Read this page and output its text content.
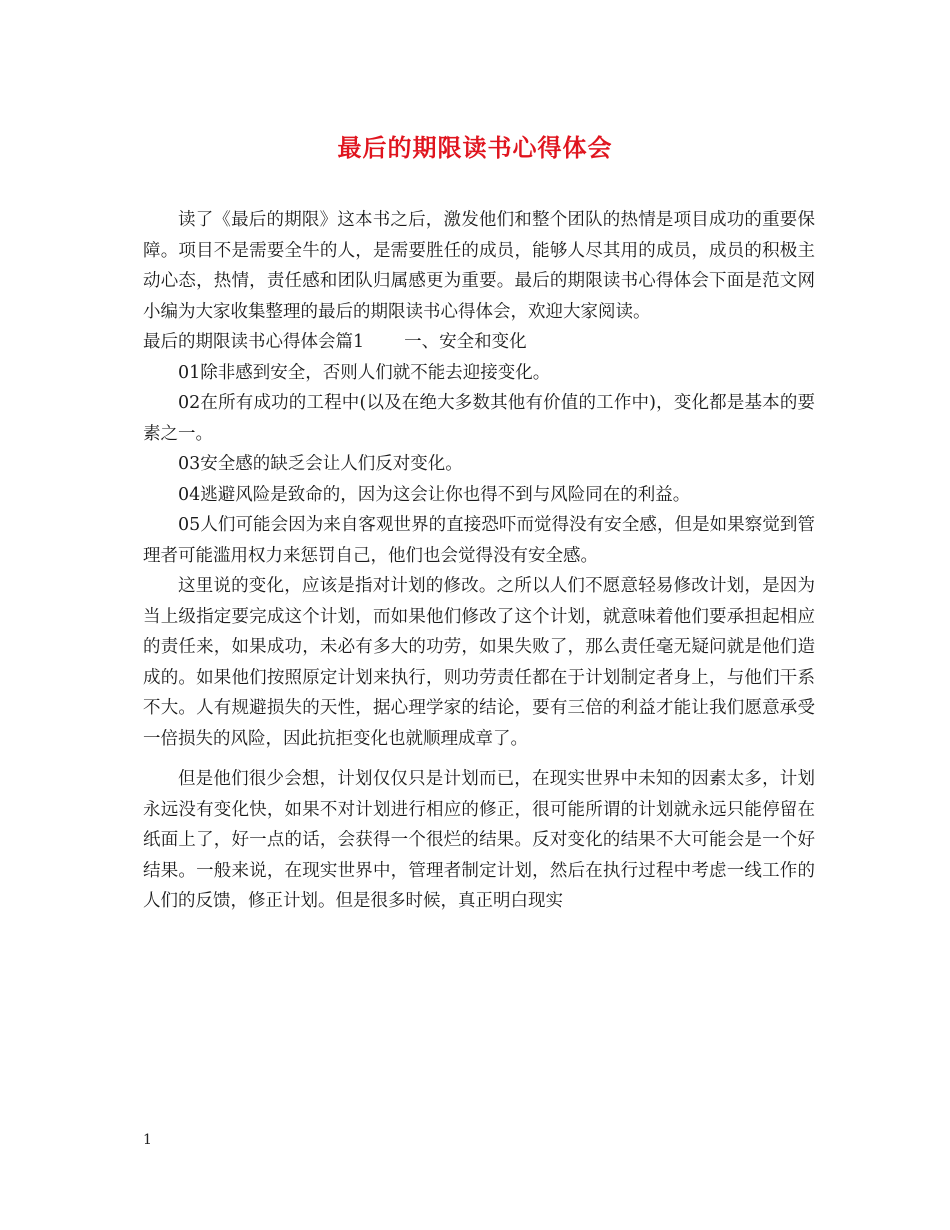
最后的期限读书心得体会

读了《最后的期限》这本书之后，激发他们和整个团队的热情是项目成功的重要保障。项目不是需要全牛的人，是需要胜任的成员，能够人尽其用的成员，成员的积极主动心态，热情，责任感和团队归属感更为重要。最后的期限读书心得体会下面是范文网小编为大家收集整理的最后的期限读书心得体会，欢迎大家阅读。

最后的期限读书心得体会篇1 一、安全和变化

01除非感到安全，否则人们就不能去迎接变化。

02在所有成功的工程中(以及在绝大多数其他有价值的工作中)，变化都是基本的要素之一。

03安全感的缺乏会让人们反对变化。

04逃避风险是致命的，因为这会让你也得不到与风险同在的利益。

05人们可能会因为来自客观世界的直接恐吓而觉得没有安全感，但是如果察觉到管理者可能滥用权力来惩罚自己，他们也会觉得没有安全感。

这里说的变化，应该是指对计划的修改。之所以人们不愿意轻易修改计划，是因为当上级指定要完成这个计划，而如果他们修改了这个计划，就意味着他们要承担起相应的责任来，如果成功，未必有多大的功劳，如果失败了，那么责任毫无疑问就是他们造成的。如果他们按照原定计划来执行，则功劳责任都在于计划制定者身上，与他们干系不大。人有规避损失的天性，据心理学家的结论，要有三倍的利益才能让我们愿意承受一倍损失的风险，因此抗拒变化也就顺理成章了。

但是他们很少会想，计划仅仅只是计划而已，在现实世界中未知的因素太多，计划永远没有变化快，如果不对计划进行相应的修正，很可能所谓的计划就永远只能停留在纸面上了，好一点的话，会获得一个很烂的结果。反对变化的结果不大可能会是一个好结果。一般来说，在现实世界中，管理者制定计划，然后在执行过程中考虑一线工作的人们的反馈，修正计划。但是很多时候，真正明白现实

1
